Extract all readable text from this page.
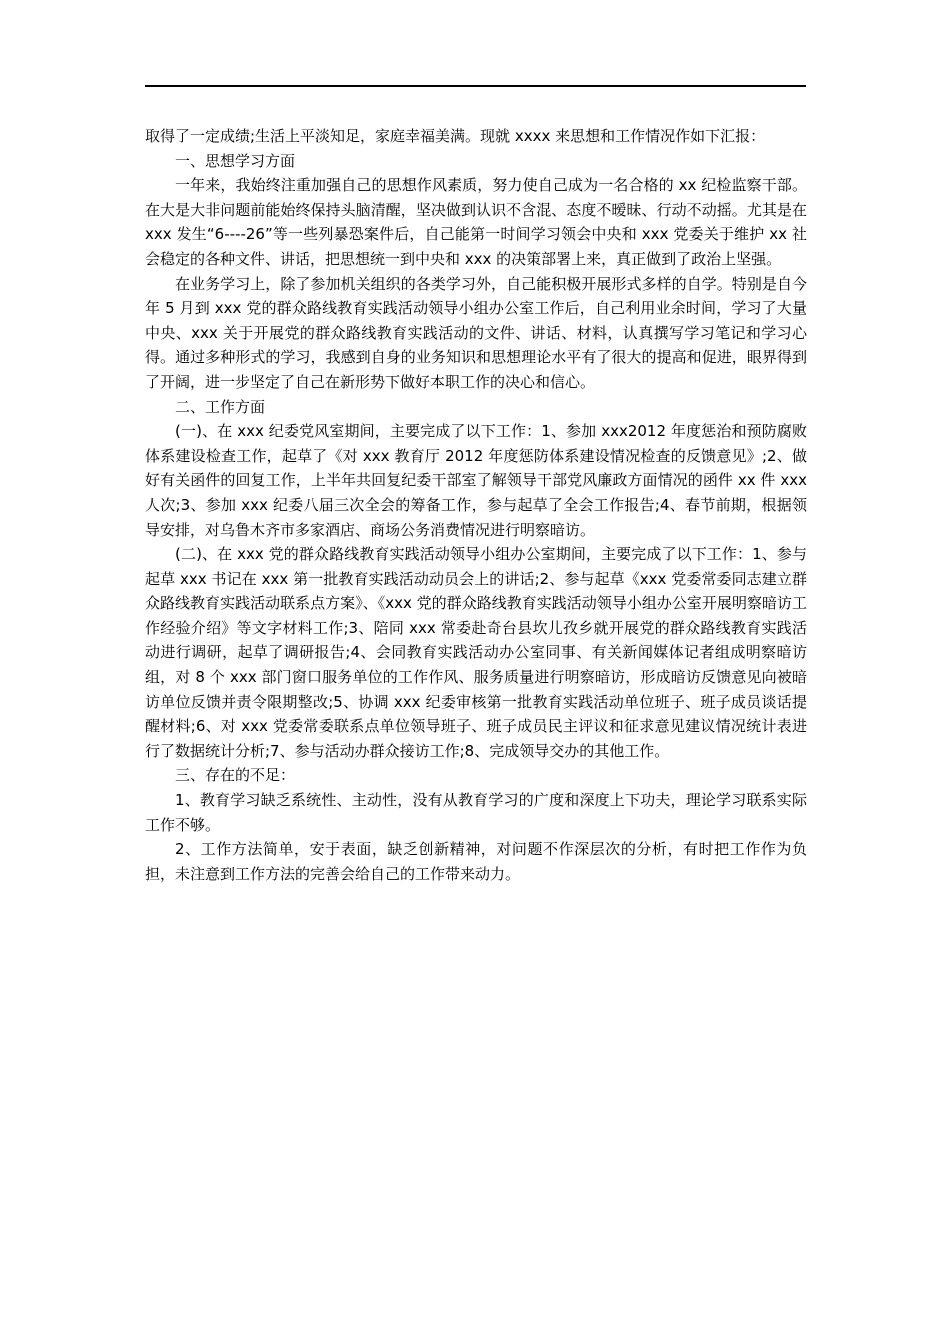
取得了一定成绩;生活上平淡知足，家庭幸福美满。现就 xxxx 来思想和工作情况作如下汇报：

一、思想学习方面

一年来，我始终注重加强自己的思想作风素质，努力使自己成为一名合格的 xx 纪检监察干部。在大是大非问题前能始终保持头脑清醒，坚决做到认识不含混、态度不暧昧、行动不动摇。尤其是在 xxx 发生“6----26”等一些列暴恐案件后，自己能第一时间学习领会中央和 xxx 党委关于维护 xx 社会稳定的各种文件、讲话，把思想统一到中央和 xxx 的决策部署上来，真正做到了政治上坚强。

在业务学习上，除了参加机关组织的各类学习外，自己能积极开展形式多样的自学。特别是自今年 5 月到 xxx 党的群众路线教育实践活动领导小组办公室工作后，自己利用业余时间，学习了大量中央、xxx 关于开展党的群众路线教育实践活动的文件、讲话、材料，认真撰写学习笔记和学习心得。通过多种形式的学习，我感到自身的业务知识和思想理论水平有了很大的提高和促进，眼界得到了开阔，进一步坚定了自己在新形势下做好本职工作的决心和信心。

二、工作方面

(一)、在 xxx 纪委党风室期间，主要完成了以下工作：1、参加 xxx2012 年度惩治和预防腐败体系建设检查工作，起草了《对 xxx 教育厅 2012 年度惩防体系建设情况检查的反馈意见》;2、做好有关函件的回复工作，上半年共回复纪委干部室了解领导干部党风廉政方面情况的函件 xx 件 xxx 人次;3、参加 xxx 纪委八届三次全会的筹备工作，参与起草了全会工作报告;4、春节前期，根据领导安排，对乌鲁木齐市多家酒店、商场公务消费情况进行明察暗访。

(二)、在 xxx 党的群众路线教育实践活动领导小组办公室期间，主要完成了以下工作：1、参与起草 xxx 书记在 xxx 第一批教育实践活动动员会上的讲话;2、参与起草《xxx 党委常委同志建立群众路线教育实践活动联系点方案》、《xxx 党的群众路线教育实践活动领导小组办公室开展明察暗访工作经验介绍》等文字材料工作;3、陪同 xxx 常委赴奇台县坎儿孜乡就开展党的群众路线教育实践活动进行调研，起草了调研报告;4、会同教育实践活动办公室同事、有关新闻媒体记者组成明察暗访组，对 8 个 xxx 部门窗口服务单位的工作作风、服务质量进行明察暗访，形成暗访反馈意见向被暗访单位反馈并责令限期整改;5、协调 xxx 纪委审核第一批教育实践活动单位班子、班子成员谈话提醒材料;6、对 xxx 党委常委联系点单位领导班子、班子成员民主评议和征求意见建议情况统计表进行了数据统计分析;7、参与活动办群众接访工作;8、完成领导交办的其他工作。

三、存在的不足：

1、教育学习缺乏系统性、主动性，没有从教育学习的广度和深度上下功夫，理论学习联系实际工作不够。

2、工作方法简单，安于表面，缺乏创新精神，对问题不作深层次的分析，有时把工作作为负担，未注意到工作方法的完善会给自己的工作带来动力。
